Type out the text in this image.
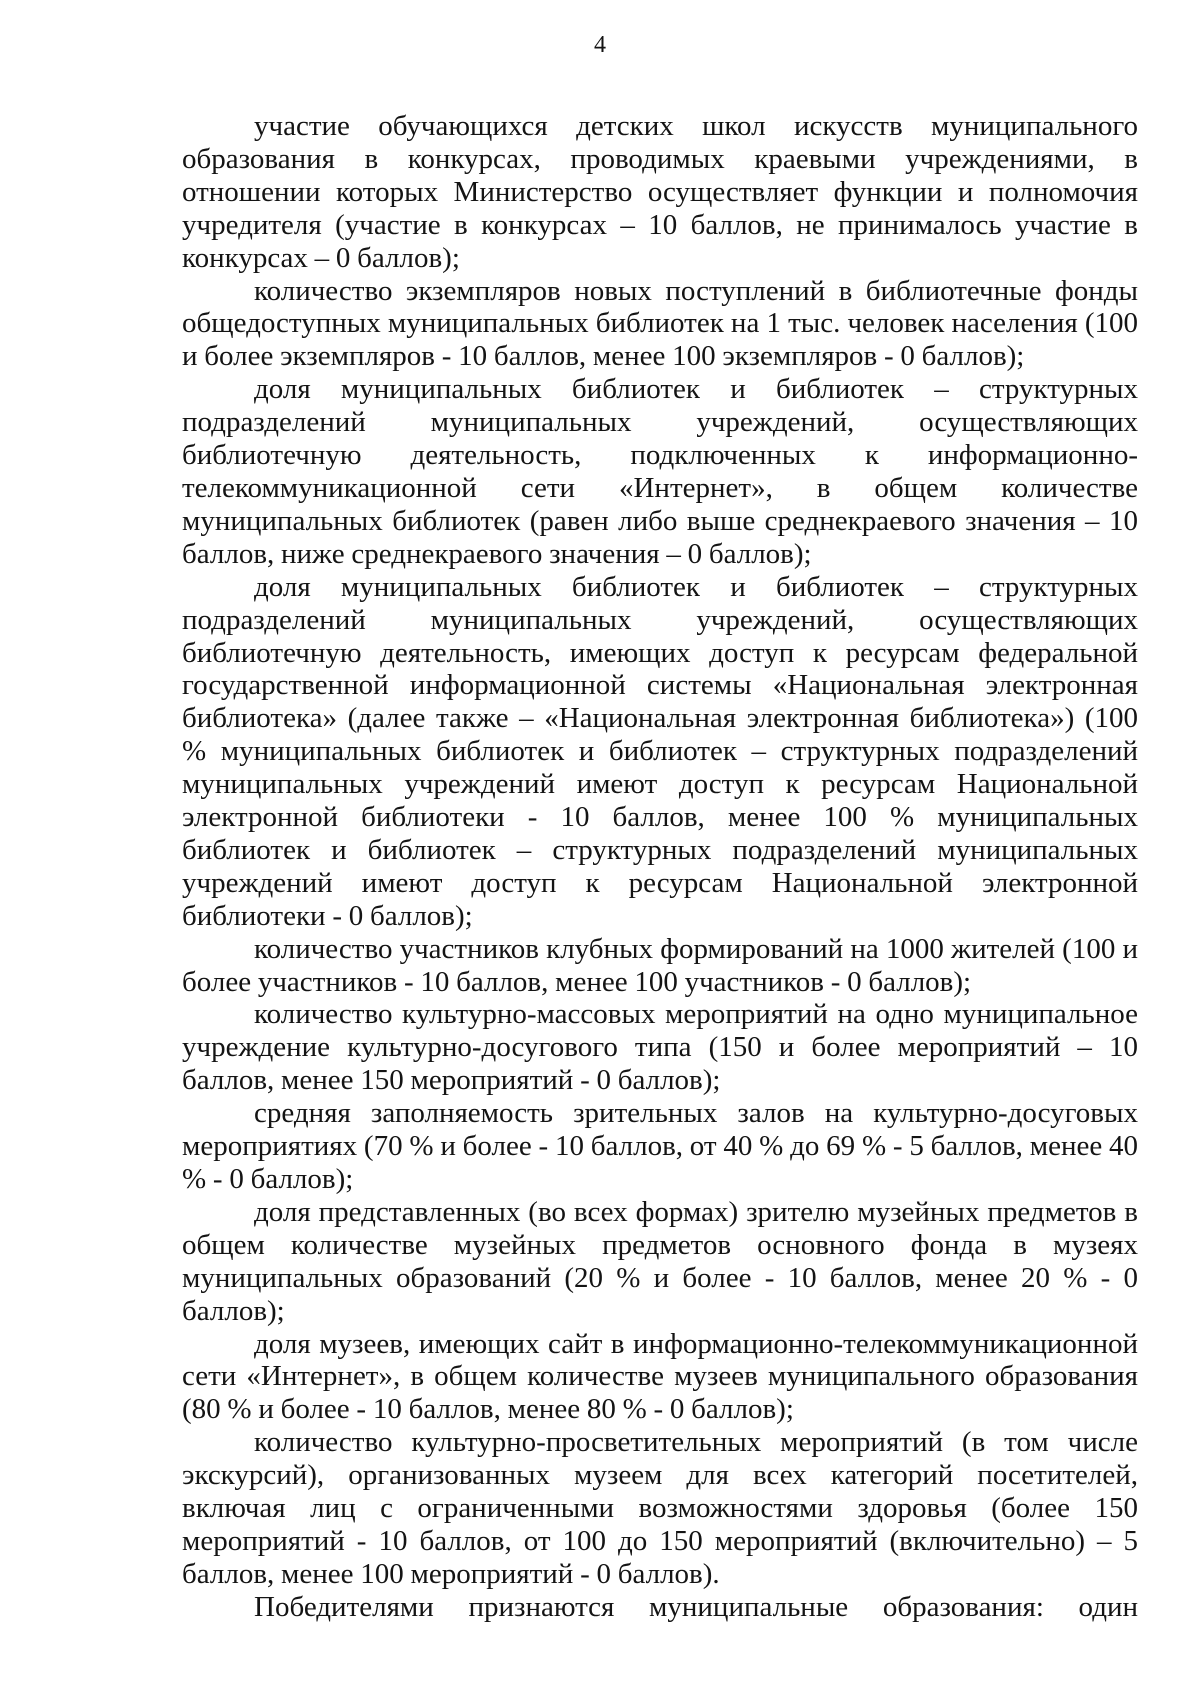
4

участие обучающихся детских школ искусств муниципального образования в конкурсах, проводимых краевыми учреждениями, в отношении которых Министерство осуществляет функции и полномочия учредителя (участие в конкурсах – 10 баллов, не принималось участие в конкурсах – 0 баллов);

количество экземпляров новых поступлений в библиотечные фонды общедоступных муниципальных библиотек на 1 тыс. человек населения (100 и более экземпляров - 10 баллов, менее 100 экземпляров - 0 баллов);

доля муниципальных библиотек и библиотек – структурных подразделений муниципальных учреждений, осуществляющих библиотечную деятельность, подключенных к информационно-телекоммуникационной сети «Интернет», в общем количестве муниципальных библиотек (равен либо выше среднекраевого значения – 10 баллов, ниже среднекраевого значения – 0 баллов);

доля муниципальных библиотек и библиотек – структурных подразделений муниципальных учреждений, осуществляющих библиотечную деятельность, имеющих доступ к ресурсам федеральной государственной информационной системы «Национальная электронная библиотека» (далее также – «Национальная электронная библиотека») (100 % муниципальных библиотек и библиотек – структурных подразделений муниципальных учреждений имеют доступ к ресурсам Национальной электронной библиотеки - 10 баллов, менее 100 % муниципальных библиотек и библиотек – структурных подразделений муниципальных учреждений имеют доступ к ресурсам Национальной электронной библиотеки - 0 баллов);

количество участников клубных формирований на 1000 жителей (100 и более участников - 10 баллов, менее 100 участников - 0 баллов);

количество культурно-массовых мероприятий на одно муниципальное учреждение культурно-досугового типа (150 и более мероприятий – 10 баллов, менее 150 мероприятий - 0 баллов);

средняя заполняемость зрительных залов на культурно-досуговых мероприятиях (70 % и более - 10 баллов, от 40 % до 69 % - 5 баллов, менее 40 % - 0 баллов);

доля представленных (во всех формах) зрителю музейных предметов в общем количестве музейных предметов основного фонда в музеях муниципальных образований (20 % и более - 10 баллов, менее 20 % - 0 баллов);

доля музеев, имеющих сайт в информационно-телекоммуникационной сети «Интернет», в общем количестве музеев муниципального образования (80 % и более - 10 баллов, менее 80 % - 0 баллов);

количество культурно-просветительных мероприятий (в том числе экскурсий), организованных музеем для всех категорий посетителей, включая лиц с ограниченными возможностями здоровья (более 150 мероприятий - 10 баллов, от 100 до 150 мероприятий (включительно) – 5 баллов, менее 100 мероприятий - 0 баллов).

Победителями признаются муниципальные образования: один
